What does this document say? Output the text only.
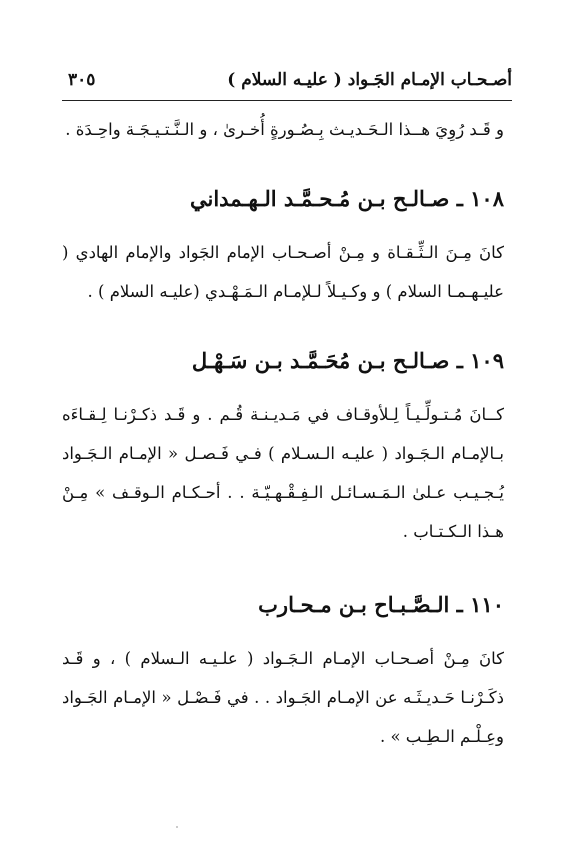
أصـحـاب الإمـام الجَـواد ( عليـه السلام )
٣٠٥

و قَـد رُوِيَ هــذا الـحَـديـث بِـصُـورةٍ أُخـرىٰ ، و الـنَّـتـيـجَـة واحِـدَة .

١٠٨ ـ صـالـح بـن مُـحـمَّـد الـهـمداني

كانَ مِـنَ الـثِّـقـاة و مِـنْ أصـحـاب الإمام الجَواد والإمام الهادي ( عليـهـمـا السلام ) و وكـيـلاً لـلإمـام الـمَـهْـدي (عليـه السلام ) .

١٠٩ ـ صـالـح بـن مُحَـمَّـد بـن سَـهْـل

كــانَ مُـتـولِّـيـاً لِـلأوقـاف في مَـديـنـة قُـم . و قَـد ذكـرْنـا لِـقـاءَه بـالإمـام الـجَـواد ( عليـه الـسـلام ) فـي فَـصـل « الإمـام الـجَـواد يُـجـيـب عـلىٰ الـمَـسـائـل الـفِـقْـهـيّـة . . أحـكـام الـوقـف » مِـنْ هـذا الـكـتـاب .

١١٠ ـ الـصَّـبـاح بـن مـحـارب

كانَ مِـنْ أصـحـاب الإمـام الـجَـواد ( علـيـه الـسلام ) ، و قَـد ذكَـرْنـا حَـديـثَـه عن الإمـام الجَـواد . . في فَـصْـل « الإمـام الجَـواد وعِـلْـم الـطِـب » .
